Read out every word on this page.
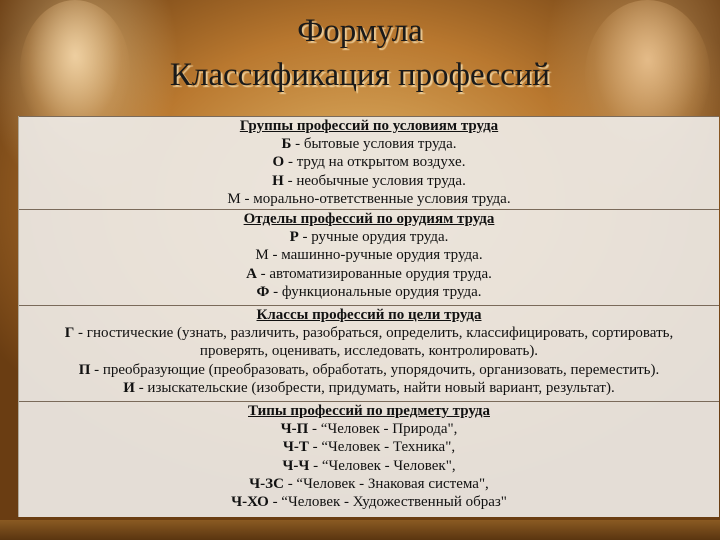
Формула
Классификация профессий
Группы профессий по условиям труда
Б - бытовые условия труда.
О - труд на открытом воздухе.
Н - необычные условия труда.
М - морально-ответственные условия труда.
Отделы профессий по орудиям труда
Р - ручные орудия труда.
М - машинно-ручные орудия труда.
А - автоматизированные орудия труда.
Ф - функциональные орудия труда.
Классы профессий по цели труда
Г - гностические (узнать, различить, разобраться, определить, классифицировать, сортировать,
проверять, оценивать, исследовать, контролировать).
П - преобразующие (преобразовать, обработать, упорядочить, организовать, переместить).
И - изыскательские (изобрести, придумать, найти новый вариант, результат).
Типы профессий по предмету труда
Ч-П - “Человек - Природа",
Ч-Т - “Человек - Техника",
Ч-Ч - “Человек - Человек",
Ч-ЗС - “Человек - Знаковая система",
Ч-ХО - “Человек - Художественный образ"
